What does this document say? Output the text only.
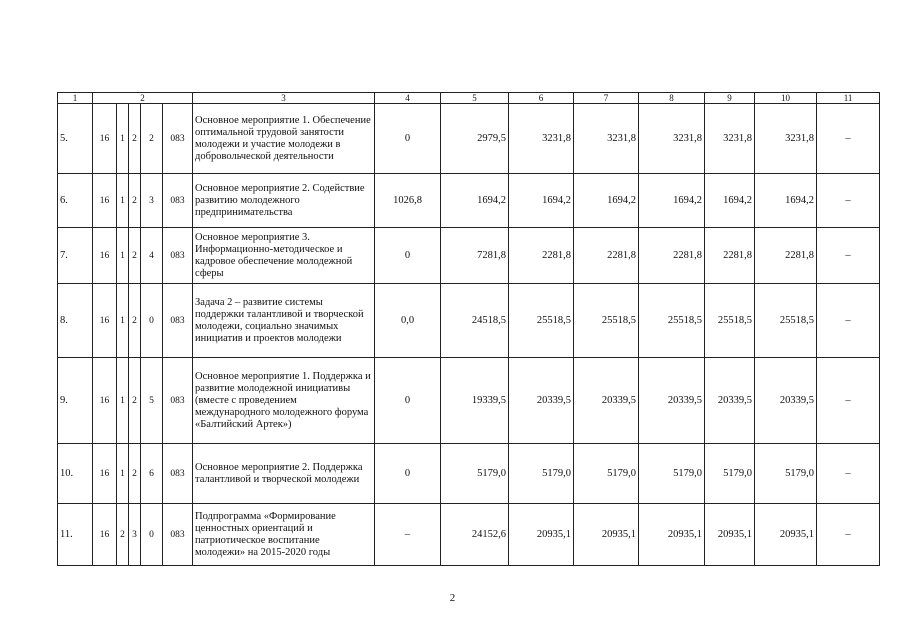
1	2					3	4	5	6	7	8	9	10	11
5.	16	1	2	2	083	Основное мероприятие 1. Обеспечение оптимальной трудовой занятости молодежи и участие молодежи в добровольческой деятельности	0	2979,5	3231,8	3231,8	3231,8	3231,8	3231,8	–
6.	16	1	2	3	083	Основное мероприятие 2. Содействие развитию молодежного предпринимательства	1026,8	1694,2	1694,2	1694,2	1694,2	1694,2	1694,2	–
7.	16	1	2	4	083	Основное мероприятие 3. Информационно-методическое и кадровое обеспечение молодежной сферы	0	7281,8	2281,8	2281,8	2281,8	2281,8	2281,8	–
8.	16	1	2	0	083	Задача 2 – развитие системы поддержки талантливой и творческой молодежи, социально значимых инициатив и проектов молодежи	0,0	24518,5	25518,5	25518,5	25518,5	25518,5	25518,5	–
9.	16	1	2	5	083	Основное мероприятие 1. Поддержка и развитие молодежной инициативы (вместе с проведением международного молодежного форума «Балтийский Артек»)	0	19339,5	20339,5	20339,5	20339,5	20339,5	20339,5	–
10.	16	1	2	6	083	Основное мероприятие 2. Поддержка талантливой и творческой молодежи	0	5179,0	5179,0	5179,0	5179,0	5179,0	5179,0	–
11.	16	2	3	0	083	Подпрограмма «Формирование ценностных ориентаций и патриотическое воспитание молодежи» на 2015-2020 годы	–	24152,6	20935,1	20935,1	20935,1	20935,1	20935,1	–
2
